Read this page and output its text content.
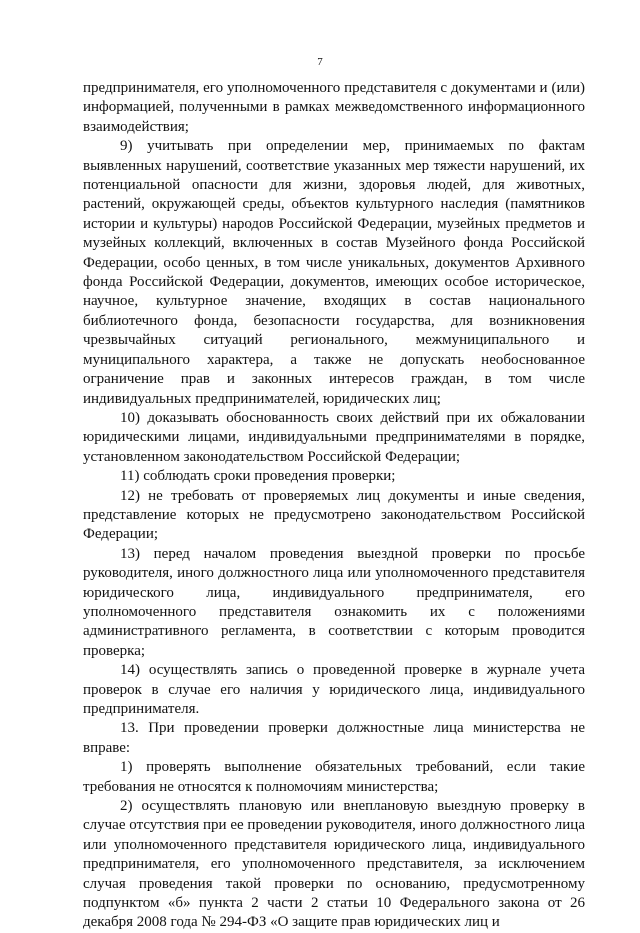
7

предпринимателя, его уполномоченного представителя с документами и (или) информацией, полученными в рамках межведомственного информационного взаимодействия;

9) учитывать при определении мер, принимаемых по фактам выявленных нарушений, соответствие указанных мер тяжести нарушений, их потенциальной опасности для жизни, здоровья людей, для животных, растений, окружающей среды, объектов культурного наследия (памятников истории и культуры) народов Российской Федерации, музейных предметов и музейных коллекций, включенных в состав Музейного фонда Российской Федерации, особо ценных, в том числе уникальных, документов Архивного фонда Российской Федерации, документов, имеющих особое историческое, научное, культурное значение, входящих в состав национального библиотечного фонда, безопасности государства, для возникновения чрезвычайных ситуаций регионального, межмуниципального и муниципального характера, а также не допускать необоснованное ограничение прав и законных интересов граждан, в том числе индивидуальных предпринимателей, юридических лиц;

10) доказывать обоснованность своих действий при их обжаловании юридическими лицами, индивидуальными предпринимателями в порядке, установленном законодательством Российской Федерации;

11) соблюдать сроки проведения проверки;

12) не требовать от проверяемых лиц документы и иные сведения, представление которых не предусмотрено законодательством Российской Федерации;

13) перед началом проведения выездной проверки по просьбе руководителя, иного должностного лица или уполномоченного представителя юридического лица, индивидуального предпринимателя, его уполномоченного представителя ознакомить их с положениями административного регламента, в соответствии с которым проводится проверка;

14) осуществлять запись о проведенной проверке в журнале учета проверок в случае его наличия у юридического лица, индивидуального предпринимателя.

13. При проведении проверки должностные лица министерства не вправе:

1) проверять выполнение обязательных требований, если такие требования не относятся к полномочиям министерства;

2) осуществлять плановую или внеплановую выездную проверку в случае отсутствия при ее проведении руководителя, иного должностного лица или уполномоченного представителя юридического лица, индивидуального предпринимателя, его уполномоченного представителя, за исключением случая проведения такой проверки по основанию, предусмотренному подпунктом «б» пункта 2 части 2 статьи 10 Федерального закона от 26 декабря 2008 года № 294-ФЗ «О защите прав юридических лиц и
